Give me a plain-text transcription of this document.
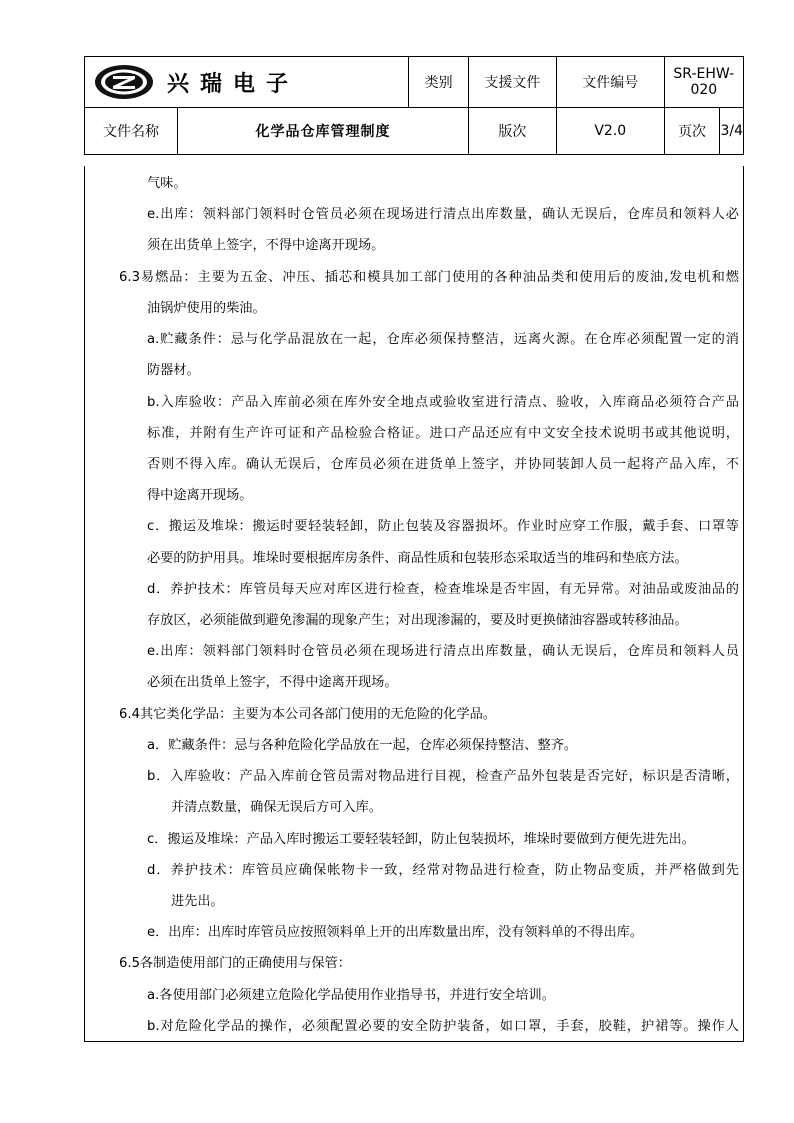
兴瑞电子		类别	支援文件	文件编号	SR-EHW-020	
文件名称	化学品仓库管理制度		版次	V2.0	页次	3/4
气味。
e.出库：领料部门领料时仓管员必须在现场进行清点出库数量，确认无误后，仓库员和领料人必
须在出货单上签字，不得中途离开现场。
6.3易燃品：主要为五金、冲压、插芯和模具加工部门使用的各种油品类和使用后的废油,发电机和燃
油锅炉使用的柴油。
a.贮藏条件：忌与化学品混放在一起，仓库必须保持整洁，远离火源。在仓库必须配置一定的消
防器材。
b.入库验收：产品入库前必须在库外安全地点或验收室进行清点、验收，入库商品必须符合产品
标准，并附有生产许可证和产品检验合格证。进口产品还应有中文安全技术说明书或其他说明，
否则不得入库。确认无误后，仓库员必须在进货单上签字，并协同装卸人员一起将产品入库，不
得中途离开现场。
c．搬运及堆垛：搬运时要轻装轻卸，防止包装及容器损坏。作业时应穿工作服，戴手套、口罩等
必要的防护用具。堆垛时要根据库房条件、商品性质和包装形态采取适当的堆码和垫底方法。
d．养护技术：库管员每天应对库区进行检查，检查堆垛是否牢固，有无异常。对油品或废油品的
存放区，必须能做到避免渗漏的现象产生；对出现渗漏的，要及时更换储油容器或转移油品。
e.出库：领料部门领料时仓管员必须在现场进行清点出库数量，确认无误后，仓库员和领料人员
必须在出货单上签字，不得中途离开现场。
6.4其它类化学品：主要为本公司各部门使用的无危险的化学品。
a．贮藏条件：忌与各种危险化学品放在一起，仓库必须保持整洁、整齐。
b．入库验收：产品入库前仓管员需对物品进行目视，检查产品外包装是否完好，标识是否清晰，
并清点数量，确保无误后方可入库。
c．搬运及堆垛：产品入库时搬运工要轻装轻卸，防止包装损坏，堆垛时要做到方便先进先出。
d．养护技术：库管员应确保帐物卡一致，经常对物品进行检查，防止物品变质，并严格做到先
进先出。
e．出库：出库时库管员应按照领料单上开的出库数量出库，没有领料单的不得出库。
6.5各制造使用部门的正确使用与保管：
a.各使用部门必须建立危险化学品使用作业指导书，并进行安全培训。
b.对危险化学品的操作，必须配置必要的安全防护装备，如口罩，手套，胶鞋，护裙等。操作人
